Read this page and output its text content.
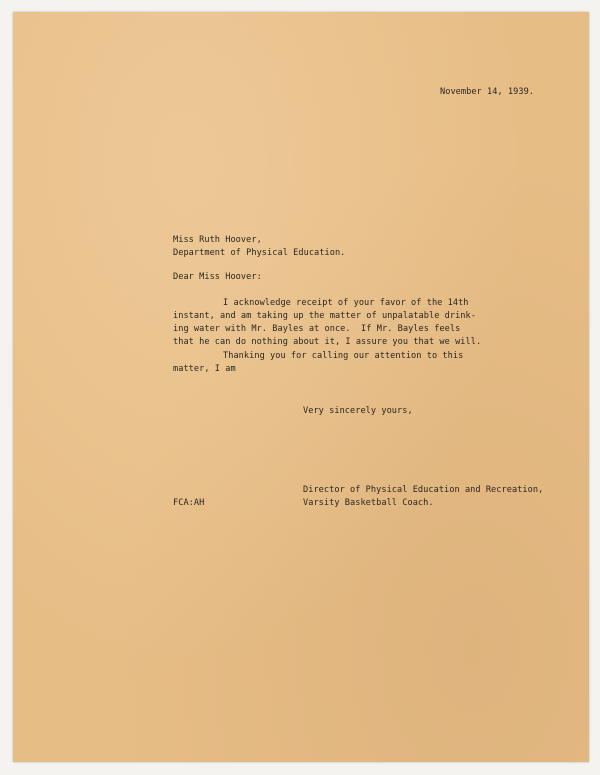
November 14, 1939.
Miss Ruth Hoover,
Department of Physical Education.
Dear Miss Hoover:
I acknowledge receipt of your favor of the 14th
instant, and am taking up the matter of unpalatable drink-
ing water with Mr. Bayles at once.  If Mr. Bayles feels
that he can do nothing about it, I assure you that we will.
Thanking you for calling our attention to this
matter, I am
Very sincerely yours,
Director of Physical Education and Recreation,
Varsity Basketball Coach.
FCA:AH
